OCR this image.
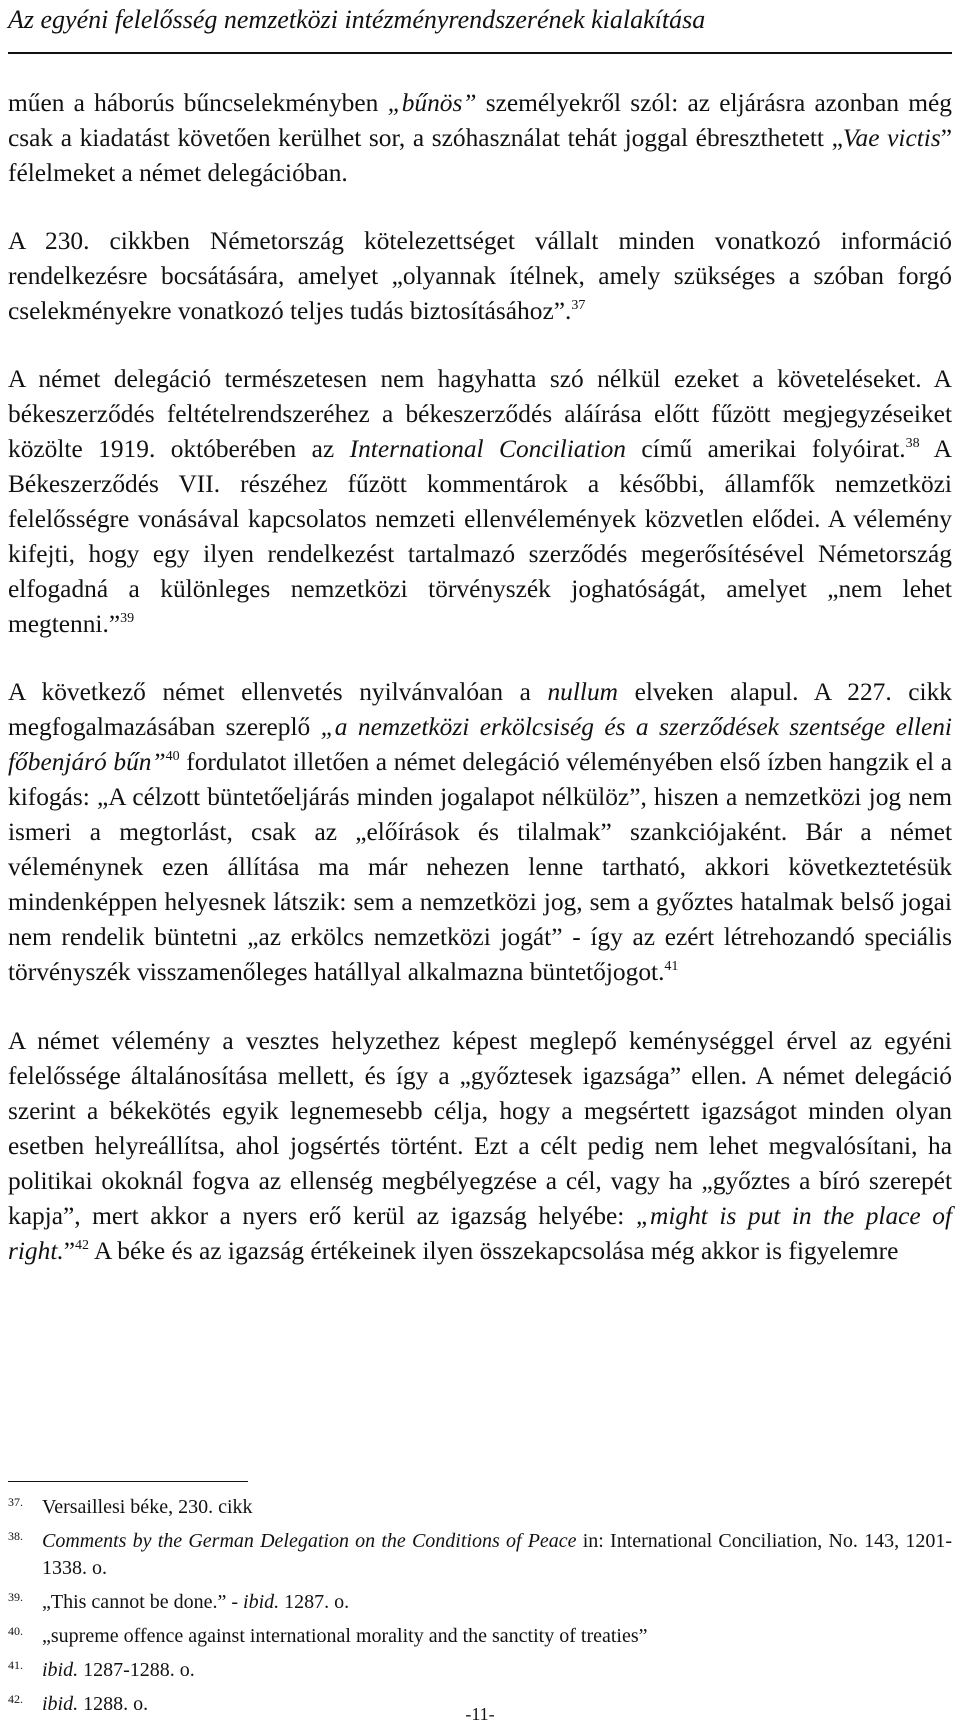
Az egyéni felelősség nemzetközi intézményrendszerének kialakítása

műen a háborús bűncselekményben „bűnös” személyekről szól: az eljárásra azonban még csak a kiadatást követően kerülhet sor, a szóhasználat tehát joggal ébreszthetett „Vae victis” félelmeket a német delegációban.

A 230. cikkben Németország kötelezettséget vállalt minden vonatkozó információ rendelkezésre bocsátására, amelyet „olyannak ítélnek, amely szükséges a szóban forgó cselekményekre vonatkozó teljes tudás biztosításához”.$^{37}$

A német delegáció természetesen nem hagyhatta szó nélkül ezeket a követeléseket. A békeszerződés feltételrendszeréhez a békeszerződés aláírása előtt fűzött megjegyzéseiket közölte 1919. októberében az International Conciliation című amerikai folyóirat.$^{38}$ A Békeszerződés VII. részéhez fűzött kommentárok a későbbi, államfők nemzetközi felelősségre vonásával kapcsolatos nemzeti ellenvélemények közvetlen elődei. A vélemény kifejti, hogy egy ilyen rendelkezést tartalmazó szerződés megerősítésével Németország elfogadná a különleges nemzetközi törvényszék joghatóságát, amelyet „nem lehet megtenni.”$^{39}$

A következő német ellenvetés nyilvánvalóan a nullum elveken alapul. A 227. cikk megfogalmazásában szereplő „a nemzetközi erkölcsiség és a szerződések szentsége elleni főbenjáró bűn”$^{40}$ fordulatot illetően a német delegáció véleményében első ízben hangzik el a kifogás: „A célzott büntetőeljárás minden jogalapot nélkülöz”, hiszen a nemzetközi jog nem ismeri a megtorlást, csak az „előírások és tilalmak” szankciójaként. Bár a német véleménynek ezen állítása ma már nehezen lenne tartható, akkori következtetésük mindenképpen helyesnek látszik: sem a nemzetközi jog, sem a győztes hatalmak belső jogai nem rendelik büntetni „az erkölcs nemzetközi jogát” - így az ezért létrehozandó speciális törvényszék visszamenőleges hatállyal alkalmazna büntetőjogot.$^{41}$

A német vélemény a vesztes helyzethez képest meglepő keménységgel érvel az egyéni felelőssége általánosítása mellett, és így a „győztesek igazsága” ellen. A német delegáció szerint a békekötés egyik legnemesebb célja, hogy a megsértett igazságot minden olyan esetben helyreállítsa, ahol jogsértés történt. Ezt a célt pedig nem lehet megvalósítani, ha politikai okoknál fogva az ellenség megbélyegzése a cél, vagy ha „győztes a bíró szerepét kapja”, mert akkor a nyers erő kerül az igazság helyébe: „might is put in the place of right.”$^{42}$ A béke és az igazság értékeinek ilyen összekapcsolása még akkor is figyelemre

37. Versaillesi béke, 230. cikk
38. Comments by the German Delegation on the Conditions of Peace in: International Conciliation, No. 143, 1201-1338. o.
39. „This cannot be done.” - ibid. 1287. o.
40. „supreme offence against international morality and the sanctity of treaties”
41. ibid. 1287-1288. o.
42. ibid. 1288. o.	-11-
